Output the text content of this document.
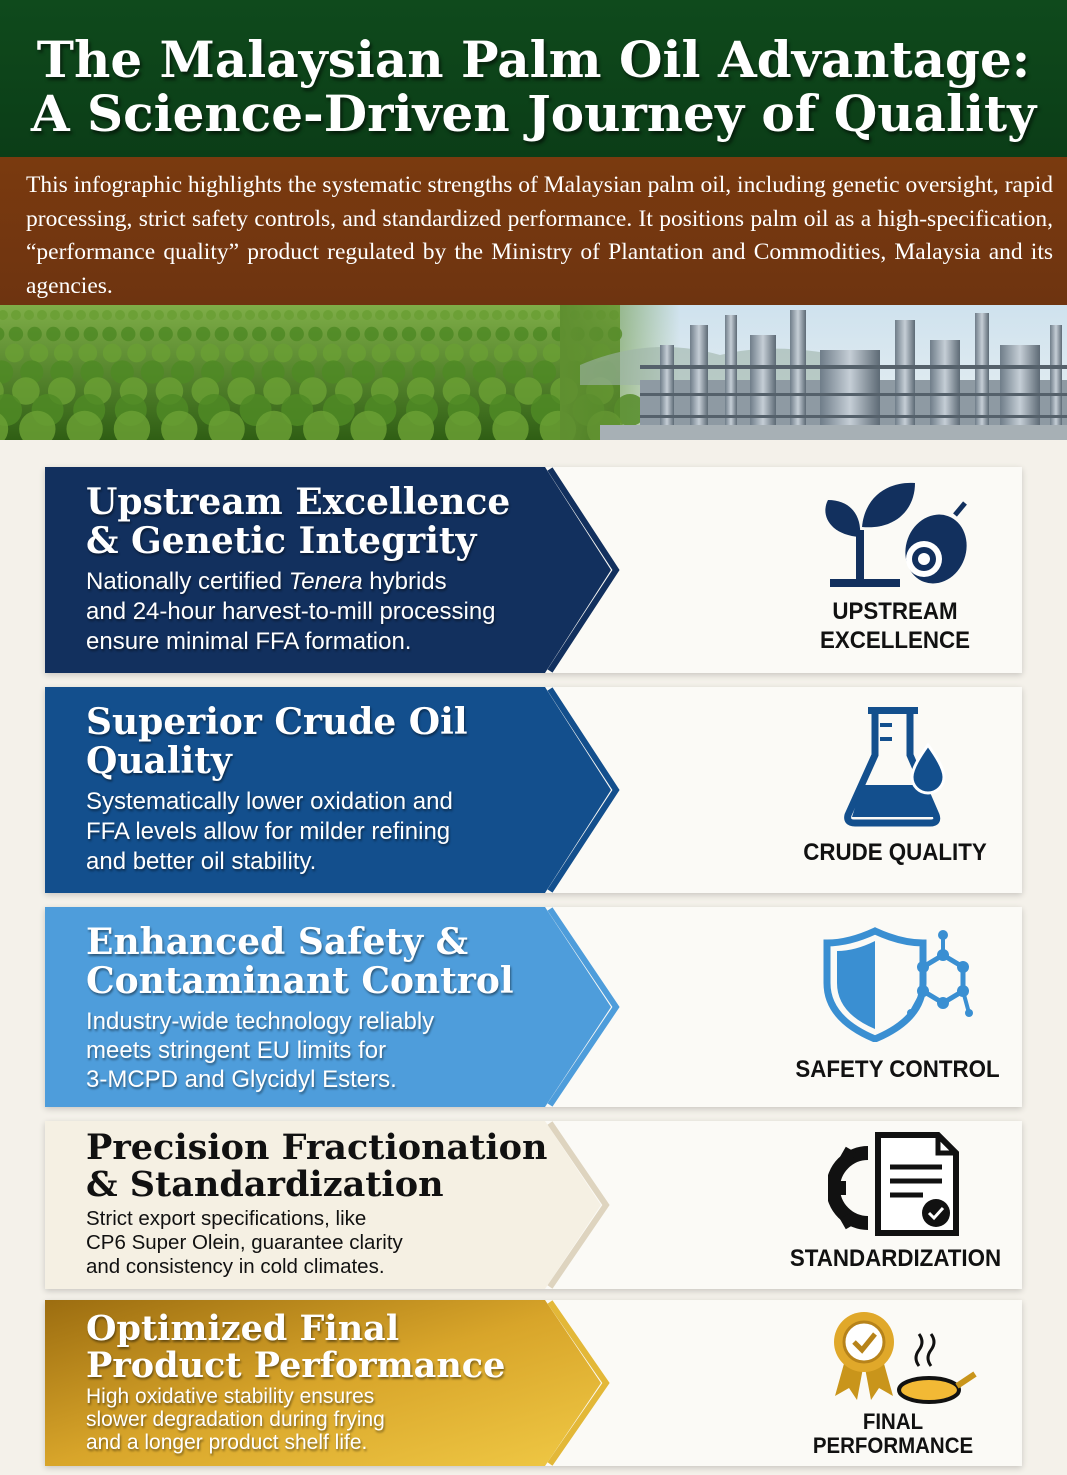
The Malaysian Palm Oil Advantage:
A Science-Driven Journey of Quality

This infographic highlights the systematic strengths of Malaysian palm oil, including genetic oversight, rapid processing, strict safety controls, and standardized performance. It positions palm oil as a high-specification, “performance quality” product regulated by the Ministry of Plantation and Commodities, Malaysia and its agencies.

Upstream Excellence
& Genetic Integrity
Nationally certified Tenera hybrids
and 24-hour harvest-to-mill processing
ensure minimal FFA formation.
UPSTREAM
EXCELLENCE
Superior Crude Oil
Quality
Systematically lower oxidation and
FFA levels allow for milder refining
and better oil stability.	CRUDE QUALITY
Enhanced Safety &
Contaminant Control
Industry-wide technology reliably
meets stringent EU limits for
3-MCPD and Glycidyl Esters.	SAFETY CONTROL
Precision Fractionation
& Standardization
Strict export specifications, like
CP6 Super Olein, guarantee clarity
and consistency in cold climates.	STANDARDIZATION
Optimized Final
Product Performance
High oxidative stability ensures
slower degradation during frying
and a longer product shelf life.
FINAL
PERFORMANCE
